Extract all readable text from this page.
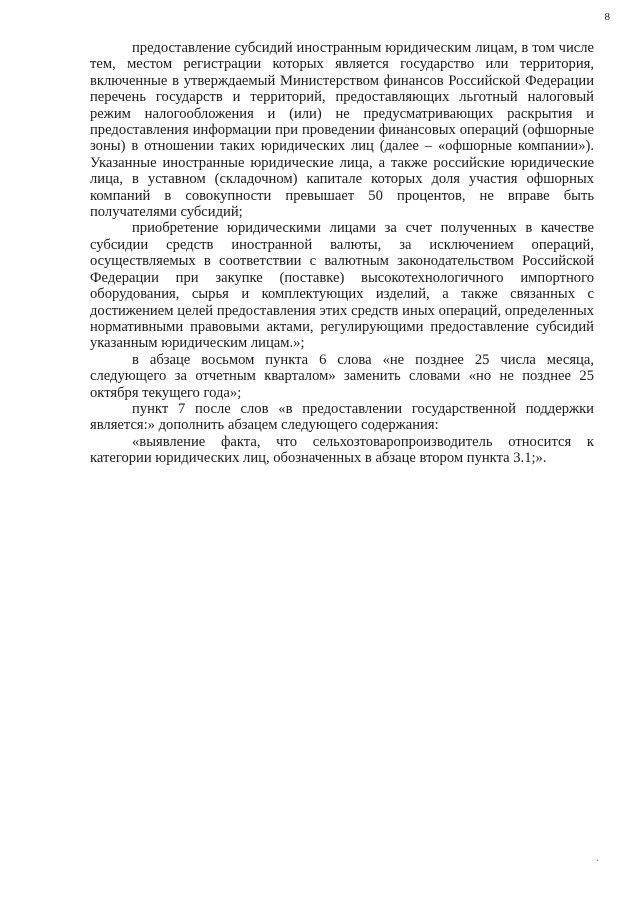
8

предоставление субсидий иностранным юридическим лицам, в том числе тем, местом регистрации которых является государство или территория, включенные в утверждаемый Министерством финансов Российской Федерации перечень государств и территорий, предоставляющих льготный налоговый режим налогообложения и (или) не предусматривающих раскрытия и предоставления информации при проведении финансовых операций (офшорные зоны) в отношении таких юридических лиц (далее – «офшорные компании»). Указанные иностранные юридические лица, а также российские юридические лица, в уставном (складочном) капитале которых доля участия офшорных компаний в совокупности превышает 50 процентов, не вправе быть получателями субсидий;

приобретение юридическими лицами за счет полученных в качестве субсидии средств иностранной валюты, за исключением операций, осуществляемых в соответствии с валютным законодательством Российской Федерации при закупке (поставке) высокотехнологичного импортного оборудования, сырья и комплектующих изделий, а также связанных с достижением целей предоставления этих средств иных операций, определенных нормативными правовыми актами, регулирующими предоставление субсидий указанным юридическим лицам.»;

в абзаце восьмом пункта 6 слова «не позднее 25 числа месяца, следующего за отчетным кварталом» заменить словами «но не позднее 25 октября текущего года»;

пункт 7 после слов «в предоставлении государственной поддержки является:» дополнить абзацем следующего содержания:

«выявление факта, что сельхозтоваропроизводитель относится к категории юридических лиц, обозначенных в абзаце втором пункта 3.1;».
